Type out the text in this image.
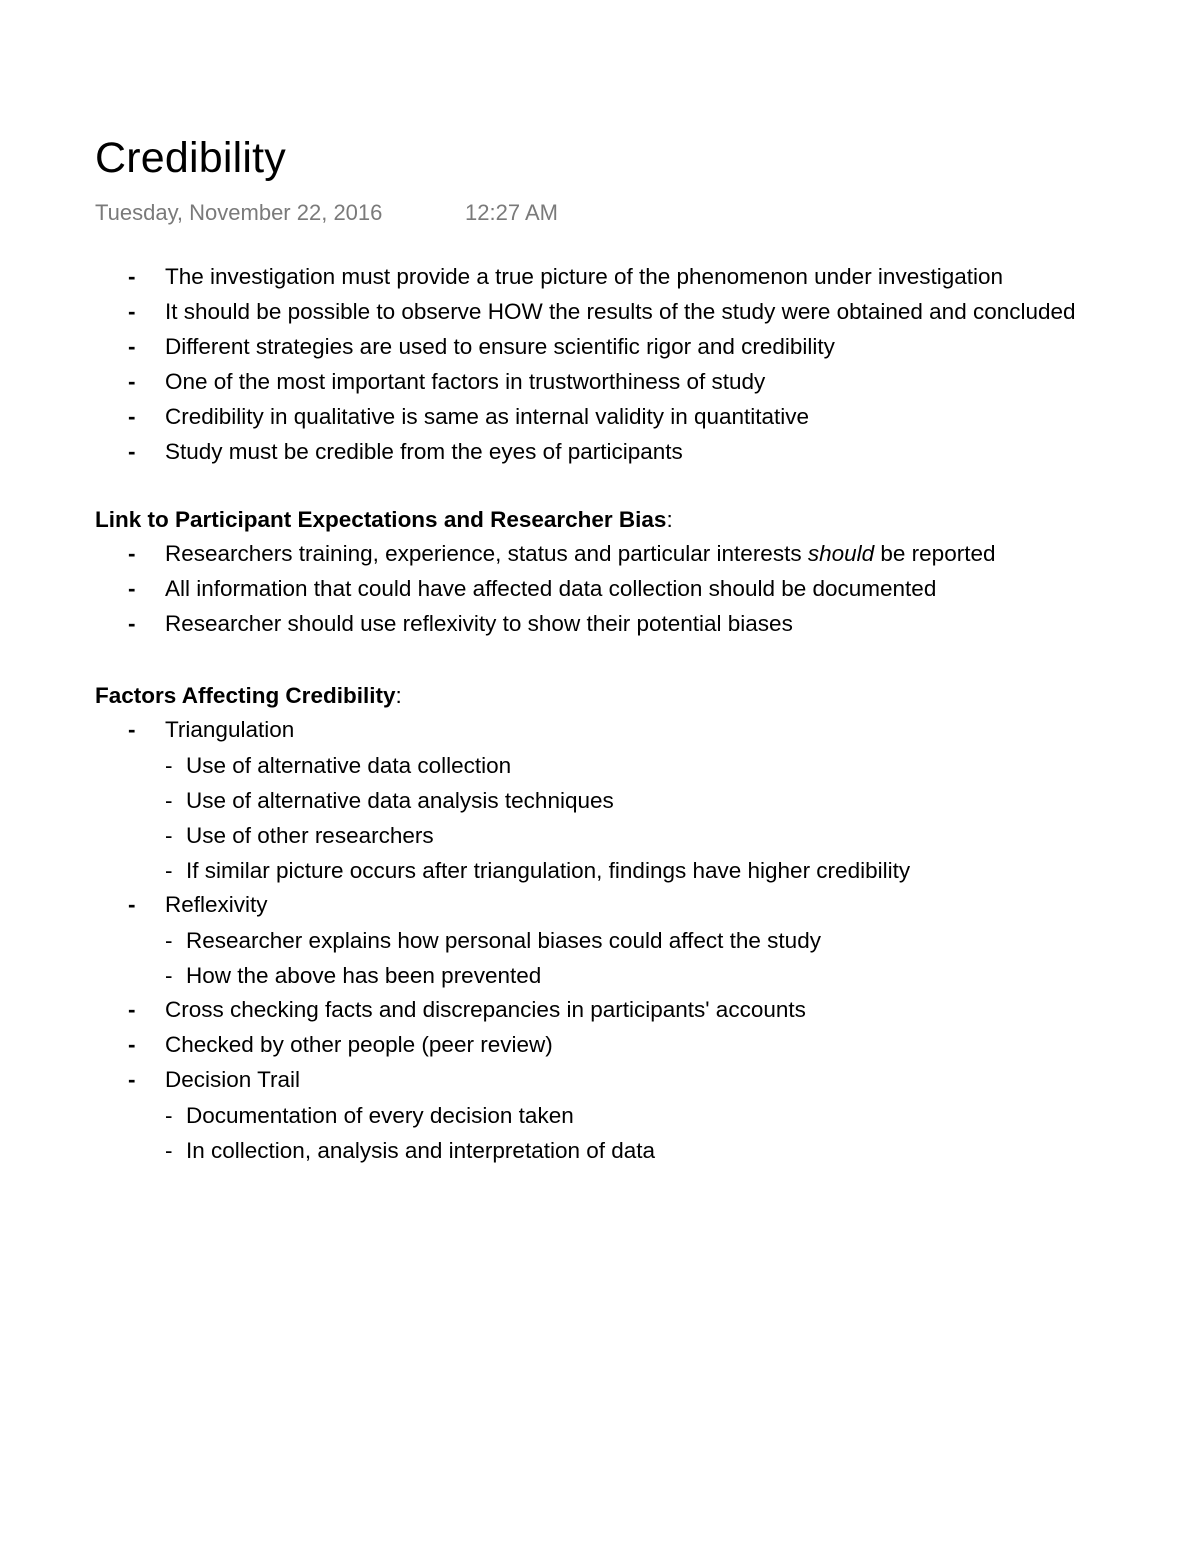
Credibility
Tuesday, November 22, 2016	12:27 AM
- The investigation must provide a true picture of the phenomenon under investigation
- It should be possible to observe HOW the results of the study were obtained and concluded
- Different strategies are used to ensure scientific rigor and credibility
- One of the most important factors in trustworthiness of study
- Credibility in qualitative is same as internal validity in quantitative
- Study must be credible from the eyes of participants
Link to Participant Expectations and Researcher Bias:
- Researchers training, experience, status and particular interests should be reported
- All information that could have affected data collection should be documented
- Researcher should use reflexivity to show their potential biases
Factors Affecting Credibility:
- Triangulation
- Use of alternative data collection
- Use of alternative data analysis techniques
- Use of other researchers
- If similar picture occurs after triangulation, findings have higher credibility
- Reflexivity
- Researcher explains how personal biases could affect the study
- How the above has been prevented
- Cross checking facts and discrepancies in participants' accounts
- Checked by other people (peer review)
- Decision Trail
- Documentation of every decision taken
- In collection, analysis and interpretation of data
